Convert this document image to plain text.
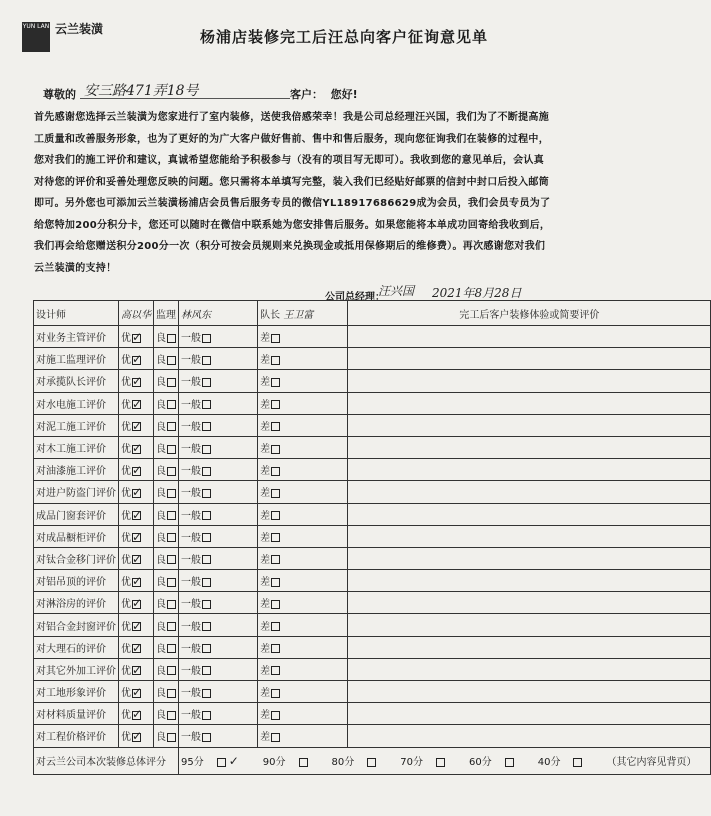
YUN LAN 云兰装潢	杨浦店装修完工后汪总向客户征询意见单
尊敬的 安三路471弄18号	客户： 您好!
首先感谢您选择云兰装潢为您家进行了室内装修，送使我倍感荣幸！我是公司总经理汪兴国，我们为了不断提高施工质量和改善服务形象，也为了更好的为广大客户做好售前、售中和售后服务，现向您征询我们在装修的过程中，您对我们的施工评价和建议，真诚希望您能给予积极参与（没有的项目写无即可）。我收到您的意见单后，会认真对待您的评价和妥善处理您反映的问题。您只需将本单填写完整，装入我们已经贴好邮票的信封中封口后投入邮筒即可。另外您也可添加云兰装潢杨浦店会员售后服务专员的微信YL18917686629成为会员，我们会员专员为了给您特加200分积分卡，您还可以随时在微信中联系她为您安排售后服务。如果您能将本单成功回寄给我收到后，我们再会给您赠送积分200分一次（积分可按会员规则来兑换现金或抵用保修期后的维修费）。再次感谢您对我们云兰装潢的支持！
公司总经理：
汪兴国 2021年8月28日
设计师	高以华	监理	林风东	队长 王卫富	完工后客户装修体验或简要评价
对业务主管评价	优✓	良	一般	差	
对施工监理评价	优✓	良	一般	差	
对承揽队长评价	优✓	良	一般	差	
对水电施工评价	优✓	良	一般	差	
对泥工施工评价	优✓	良	一般	差	
对木工施工评价	优✓	良	一般	差	
对油漆施工评价	优✓	良	一般	差	
对进户防盗门评价	优✓	良	一般	差	
成品门窗套评价	优✓	良	一般	差	
对成品橱柜评价	优✓	良	一般	差	
对钛合金移门评价	优✓	良	一般	差	
对铝吊顶的评价	优✓	良	一般	差	
对淋浴房的评价	优✓	良	一般	差	
对铝合金封窗评价	优✓	良	一般	差	
对大理石的评价	优✓	良	一般	差	
对其它外加工评价	优✓	良	一般	差	
对工地形象评价	优✓	良	一般	差	
对材料质量评价	优✓	良	一般	差	
对工程价格评价	优✓	良	一般	差	
对云兰公司本次装修总体评分			95分 ✓ 90分 80分 70分 60分 40分 （其它内容见背页）		
